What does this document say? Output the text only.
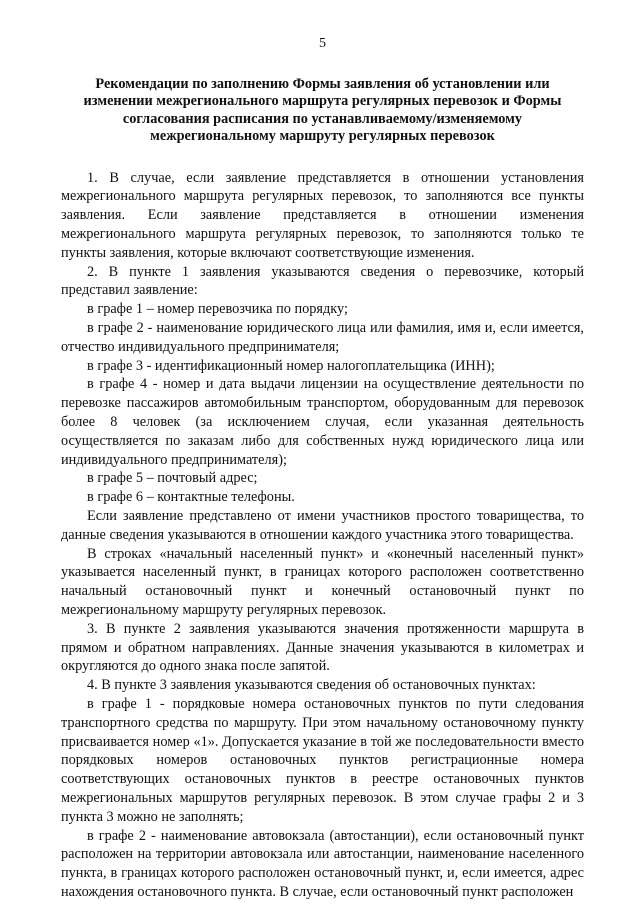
5
Рекомендации по заполнению Формы заявления об установлении или изменении межрегионального маршрута регулярных перевозок и Формы согласования расписания по устанавливаемому/изменяемому межрегиональному маршруту регулярных перевозок

1. В случае, если заявление представляется в отношении установления межрегионального маршрута регулярных перевозок, то заполняются все пункты заявления. Если заявление представляется в отношении изменения межрегионального маршрута регулярных перевозок, то заполняются только те пункты заявления, которые включают соответствующие изменения.

2. В пункте 1 заявления указываются сведения о перевозчике, который представил заявление:

в графе 1 – номер перевозчика по порядку;

в графе 2 - наименование юридического лица или фамилия, имя и, если имеется, отчество индивидуального предпринимателя;

в графе 3 - идентификационный номер налогоплательщика (ИНН);

в графе 4 - номер и дата выдачи лицензии на осуществление деятельности по перевозке пассажиров автомобильным транспортом, оборудованным для перевозок более 8 человек (за исключением случая, если указанная деятельность осуществляется по заказам либо для собственных нужд юридического лица или индивидуального предпринимателя);

в графе 5 – почтовый адрес;

в графе 6 – контактные телефоны.

Если заявление представлено от имени участников простого товарищества, то данные сведения указываются в отношении каждого участника этого товарищества.

В строках «начальный населенный пункт» и «конечный населенный пункт» указывается населенный пункт, в границах которого расположен соответственно начальный остановочный пункт и конечный остановочный пункт по межрегиональному маршруту регулярных перевозок.

3. В пункте 2 заявления указываются значения протяженности маршрута в прямом и обратном направлениях. Данные значения указываются в километрах и округляются до одного знака после запятой.

4. В пункте 3 заявления указываются сведения об остановочных пунктах:

в графе 1 - порядковые номера остановочных пунктов по пути следования транспортного средства по маршруту. При этом начальному остановочному пункту присваивается номер «1». Допускается указание в той же последовательности вместо порядковых номеров остановочных пунктов регистрационные номера соответствующих остановочных пунктов в реестре остановочных пунктов межрегиональных маршрутов регулярных перевозок. В этом случае графы 2 и 3 пункта 3 можно не заполнять;

в графе 2 - наименование автовокзала (автостанции), если остановочный пункт расположен на территории автовокзала или автостанции, наименование населенного пункта, в границах которого расположен остановочный пункт, и, если имеется, адрес нахождения остановочного пункта. В случае, если остановочный пункт расположен
